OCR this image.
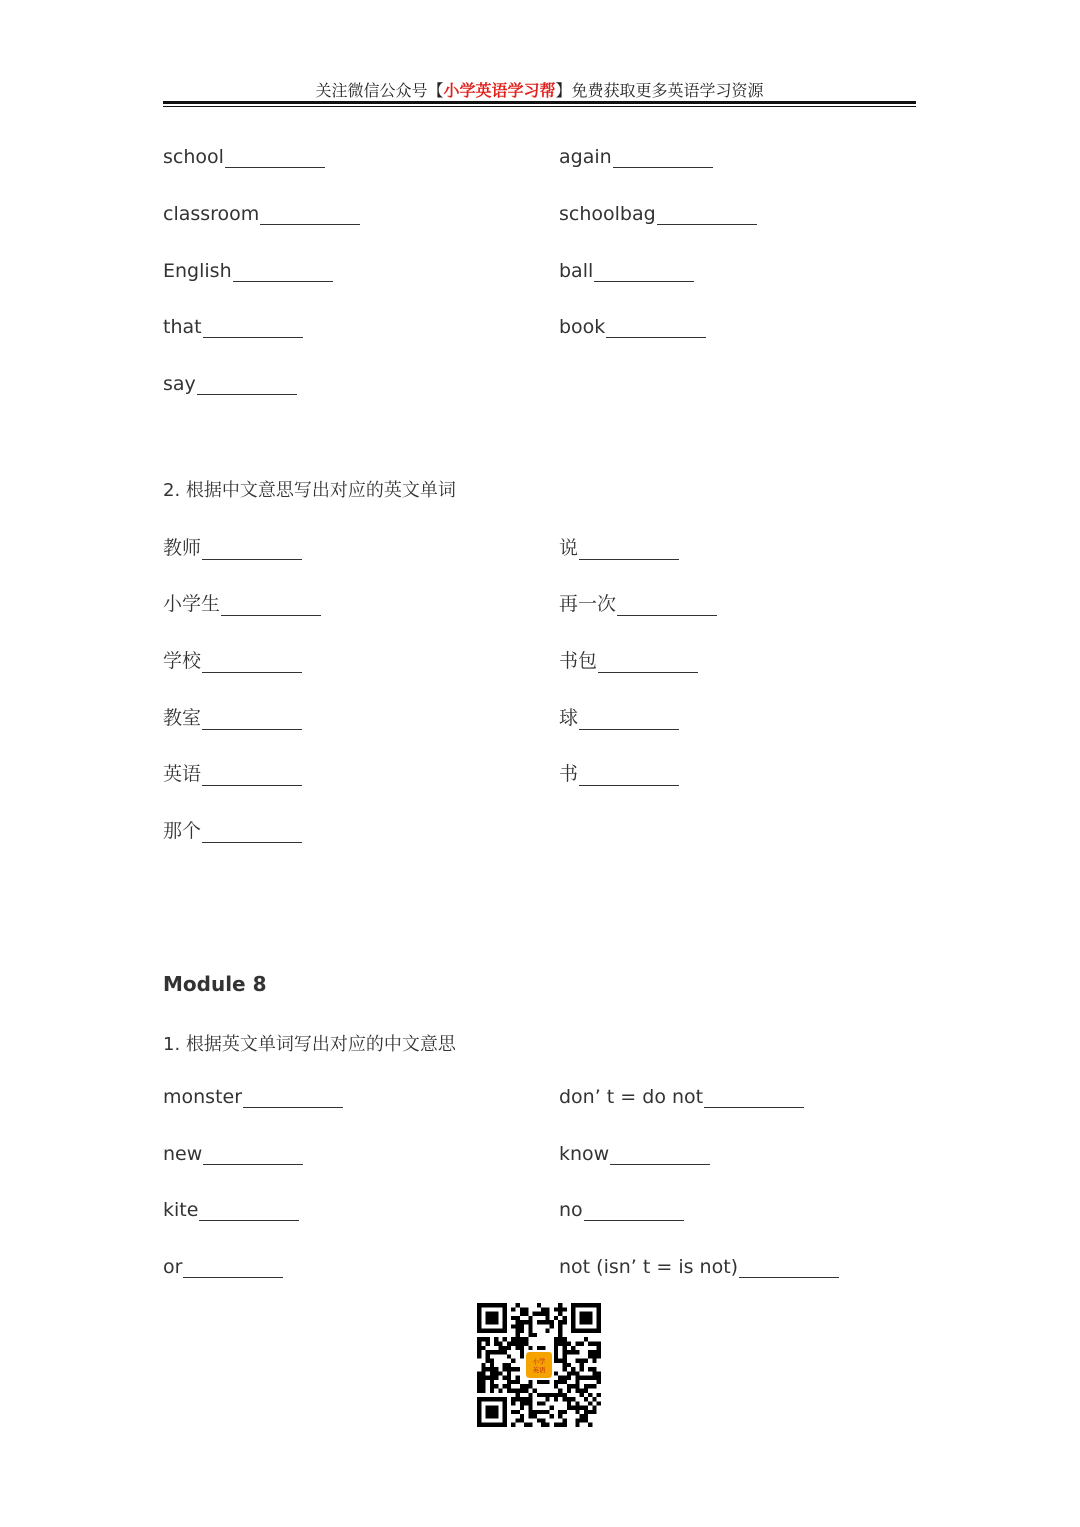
关注微信公众号【小学英语学习帮】免费获取更多英语学习资源
school
classroom
English
that
say
again
schoolbag
ball
book
2. 根据中文意思写出对应的英文单词
教师
小学生
学校
教室
英语
那个
说
再一次
书包
球
书
Module 8
1. 根据英文单词写出对应的中文意思
monster
new
kite
or
don’ t = do not
know
no
not (isn’ t = is not)
小学
英语
